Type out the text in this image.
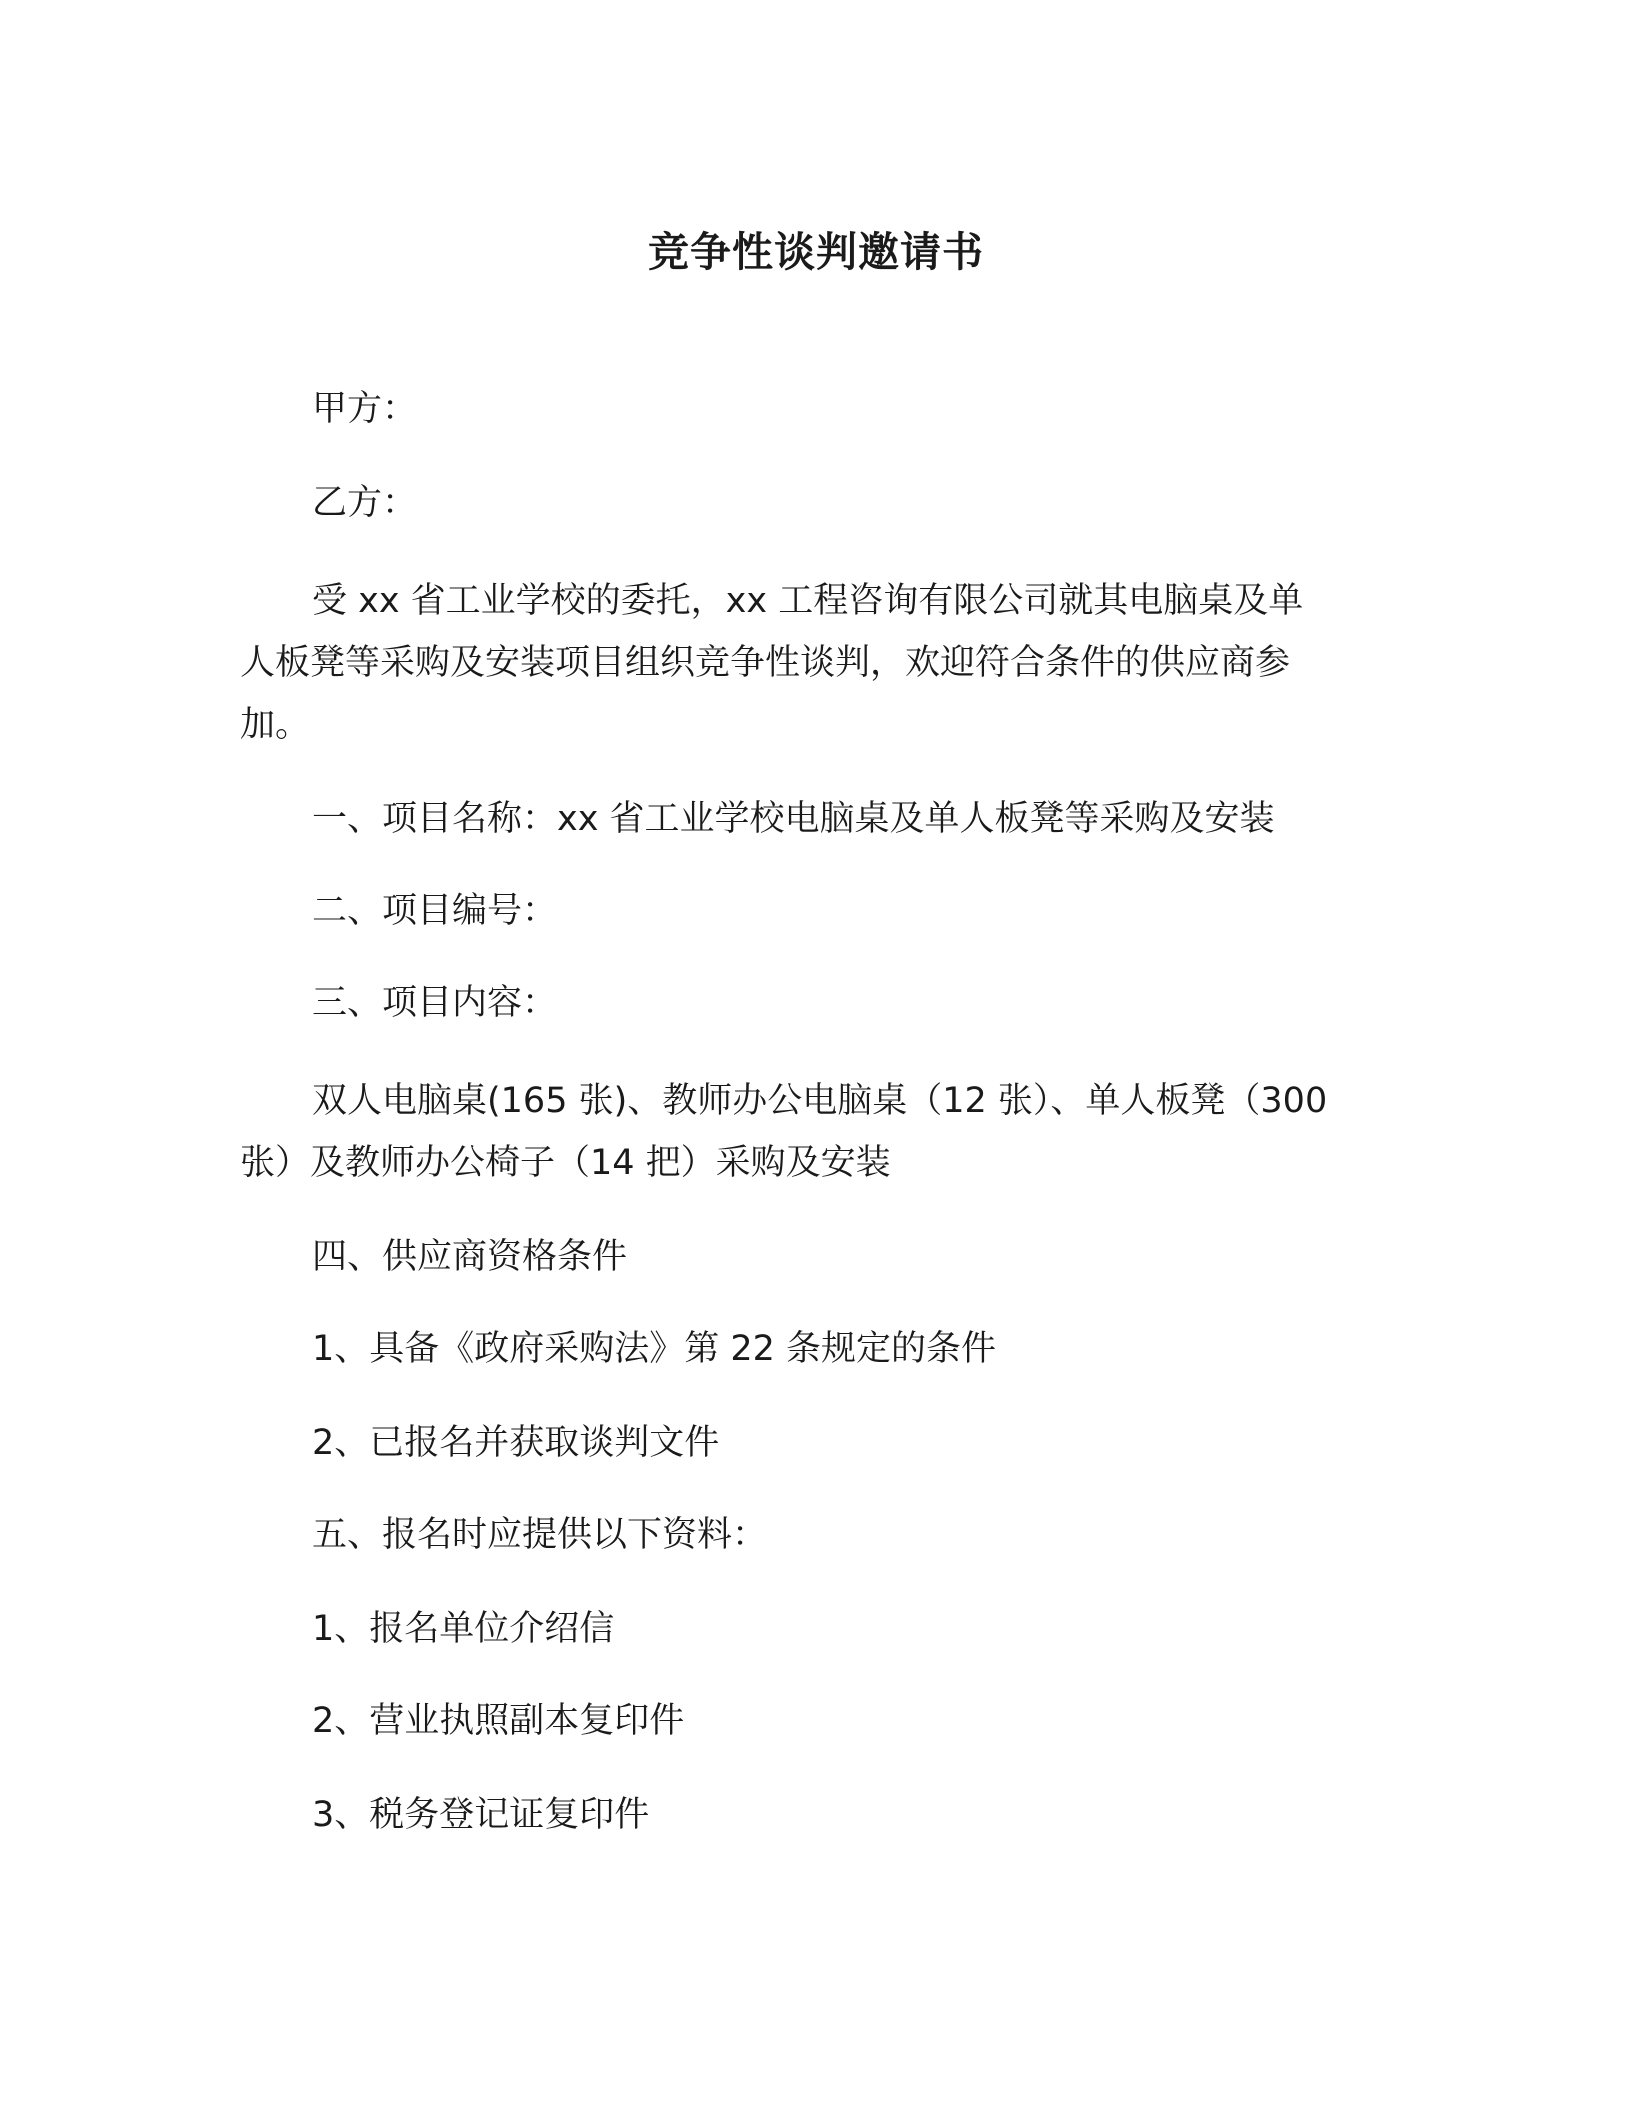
竞争性谈判邀请书
甲方：
乙方：
受 xx 省工业学校的委托，xx 工程咨询有限公司就其电脑桌及单
人板凳等采购及安装项目组织竞争性谈判，欢迎符合条件的供应商参
加。
一、项目名称：xx 省工业学校电脑桌及单人板凳等采购及安装
二、项目编号：
三、项目内容：
双人电脑桌(165 张)、教师办公电脑桌（12 张）、单人板凳（300
张）及教师办公椅子（14 把）采购及安装
四、供应商资格条件
1、具备《政府采购法》第 22 条规定的条件
2、已报名并获取谈判文件
五、报名时应提供以下资料：
1、报名单位介绍信
2、营业执照副本复印件
3、税务登记证复印件
